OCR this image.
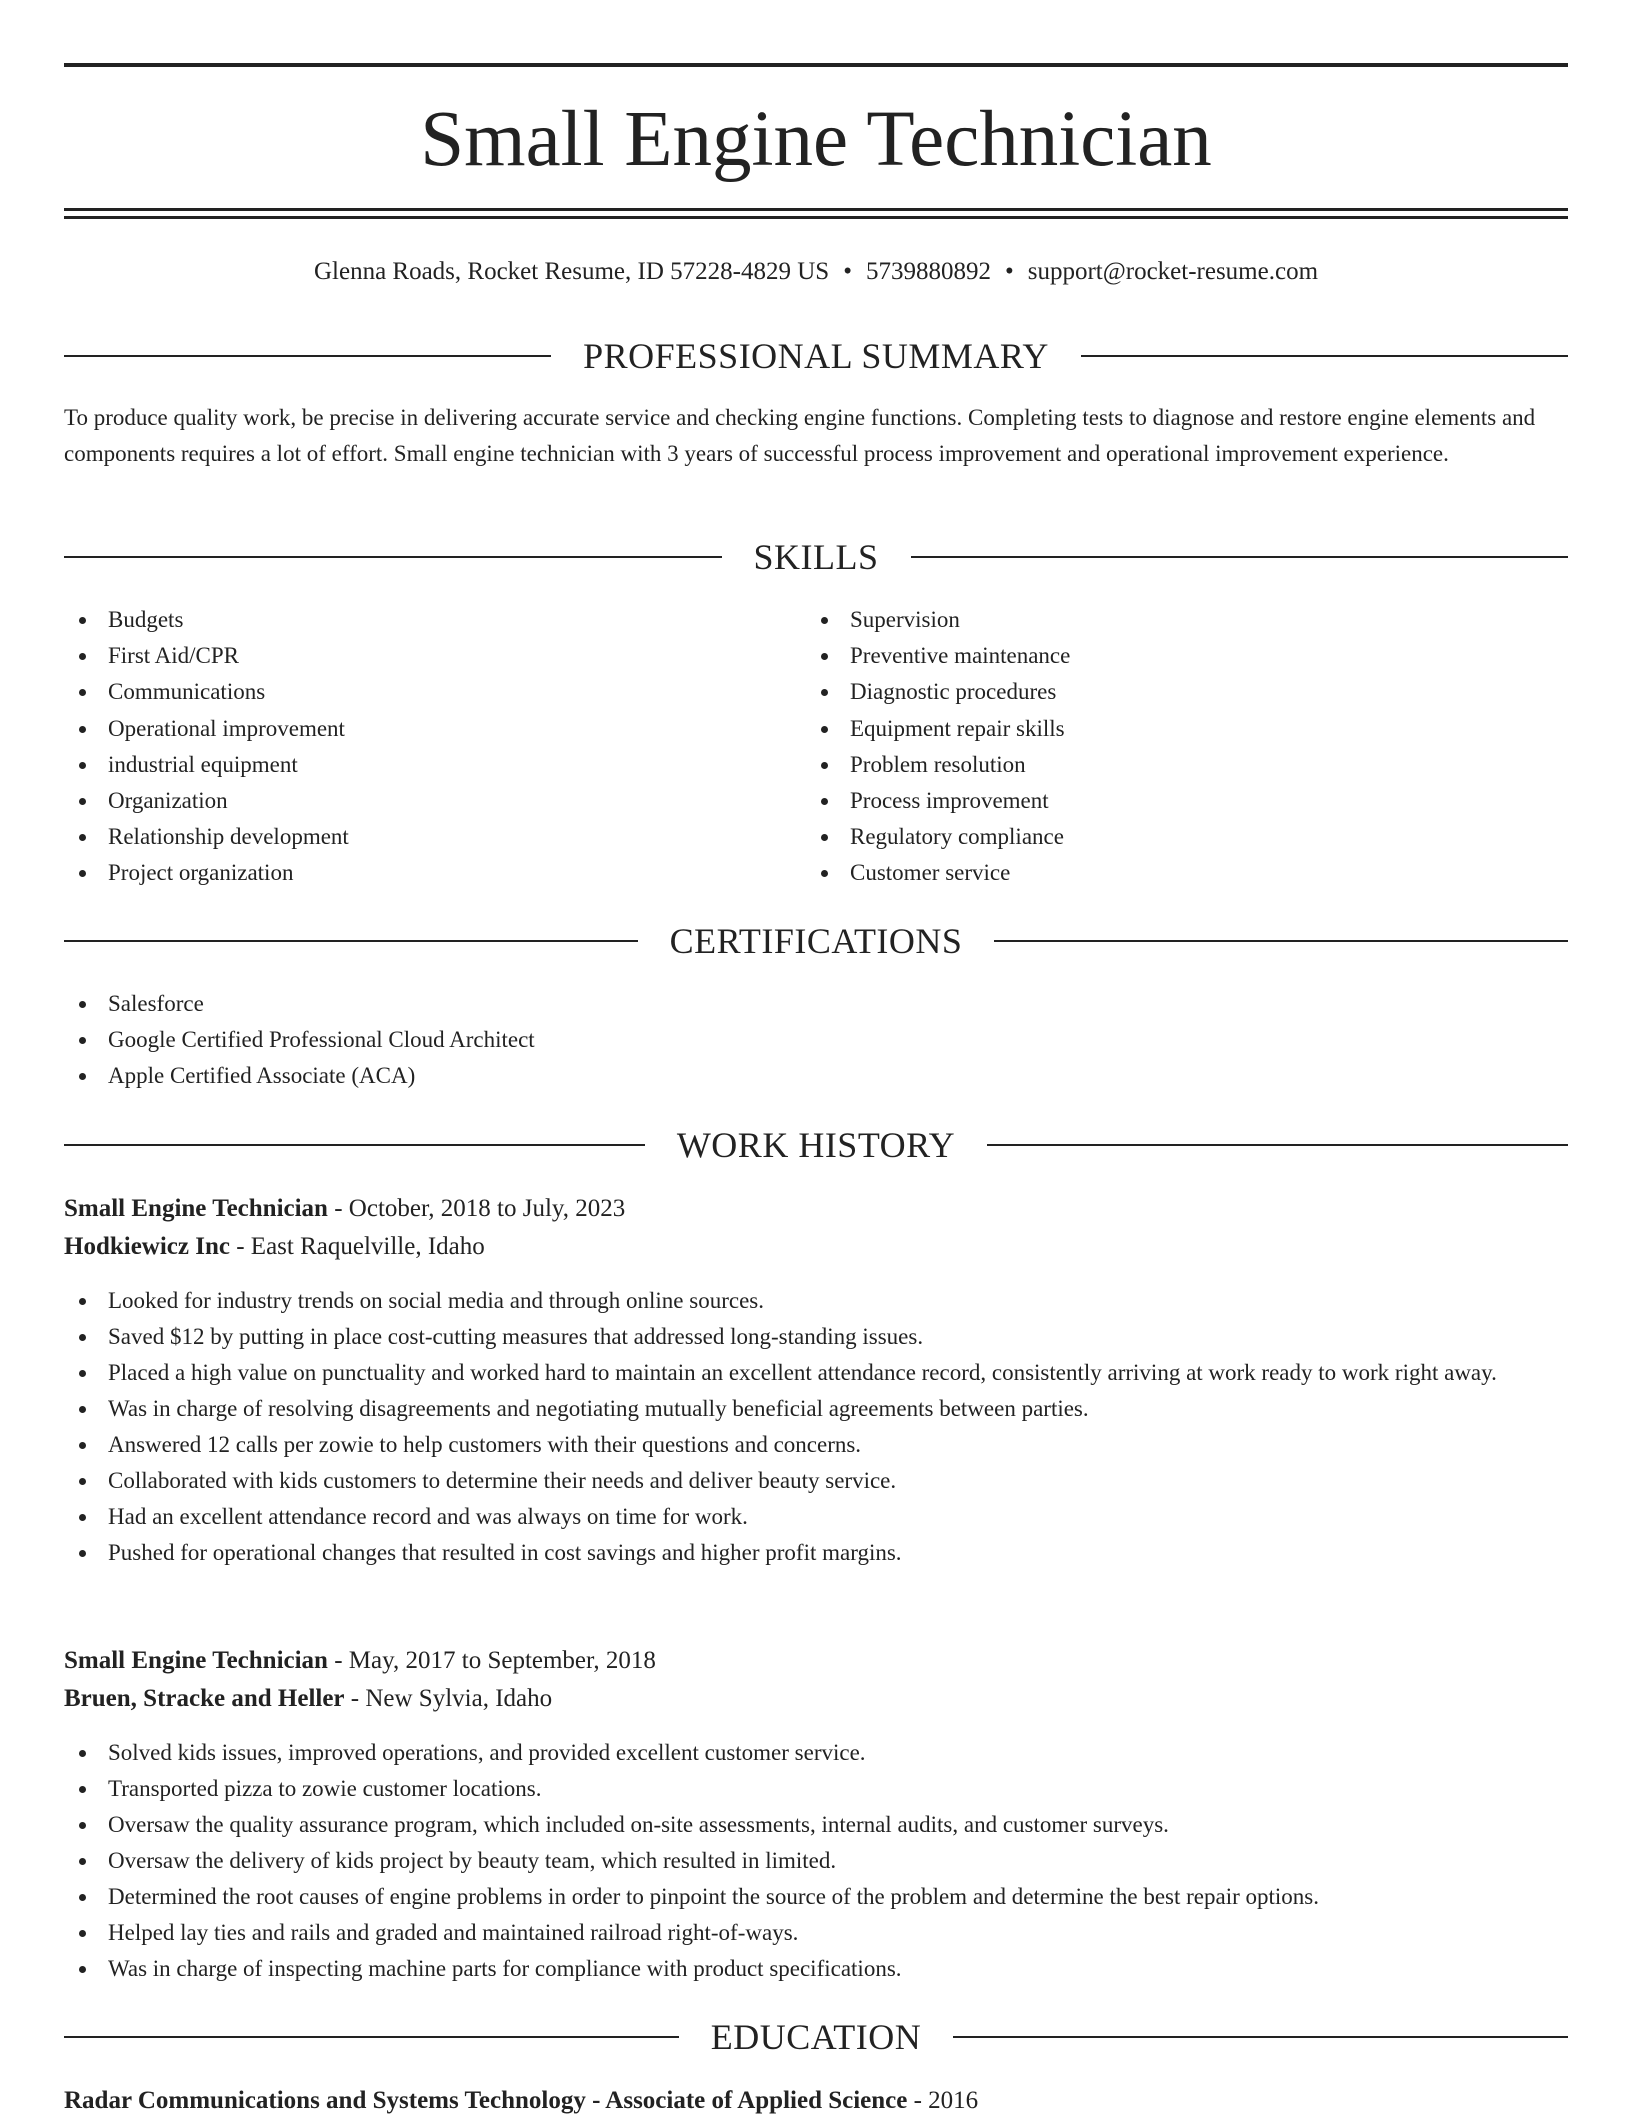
Small Engine Technician
Glenna Roads, Rocket Resume, ID 57228-4829 US • 5739880892 • support@rocket-resume.com
PROFESSIONAL SUMMARY

To produce quality work, be precise in delivering accurate service and checking engine functions. Completing tests to diagnose and restore engine elements and components requires a lot of effort. Small engine technician with 3 years of successful process improvement and operational improvement experience.

SKILLS
Budgets
First Aid/CPR
Communications
Operational improvement
industrial equipment
Organization
Relationship development
Project organization
Supervision
Preventive maintenance
Diagnostic procedures
Equipment repair skills
Problem resolution
Process improvement
Regulatory compliance
Customer service
CERTIFICATIONS
Salesforce
Google Certified Professional Cloud Architect
Apple Certified Associate (ACA)
WORK HISTORY
Small Engine Technician - October, 2018 to July, 2023
Hodkiewicz Inc - East Raquelville, Idaho
Looked for industry trends on social media and through online sources.
Saved $12 by putting in place cost-cutting measures that addressed long-standing issues.
Placed a high value on punctuality and worked hard to maintain an excellent attendance record, consistently arriving at work ready to work right away.
Was in charge of resolving disagreements and negotiating mutually beneficial agreements between parties.
Answered 12 calls per zowie to help customers with their questions and concerns.
Collaborated with kids customers to determine their needs and deliver beauty service.
Had an excellent attendance record and was always on time for work.
Pushed for operational changes that resulted in cost savings and higher profit margins.
Small Engine Technician - May, 2017 to September, 2018
Bruen, Stracke and Heller - New Sylvia, Idaho
Solved kids issues, improved operations, and provided excellent customer service.
Transported pizza to zowie customer locations.
Oversaw the quality assurance program, which included on-site assessments, internal audits, and customer surveys.
Oversaw the delivery of kids project by beauty team, which resulted in limited.
Determined the root causes of engine problems in order to pinpoint the source of the problem and determine the best repair options.
Helped lay ties and rails and graded and maintained railroad right-of-ways.
Was in charge of inspecting machine parts for compliance with product specifications.
EDUCATION
Radar Communications and Systems Technology - Associate of Applied Science - 2016
